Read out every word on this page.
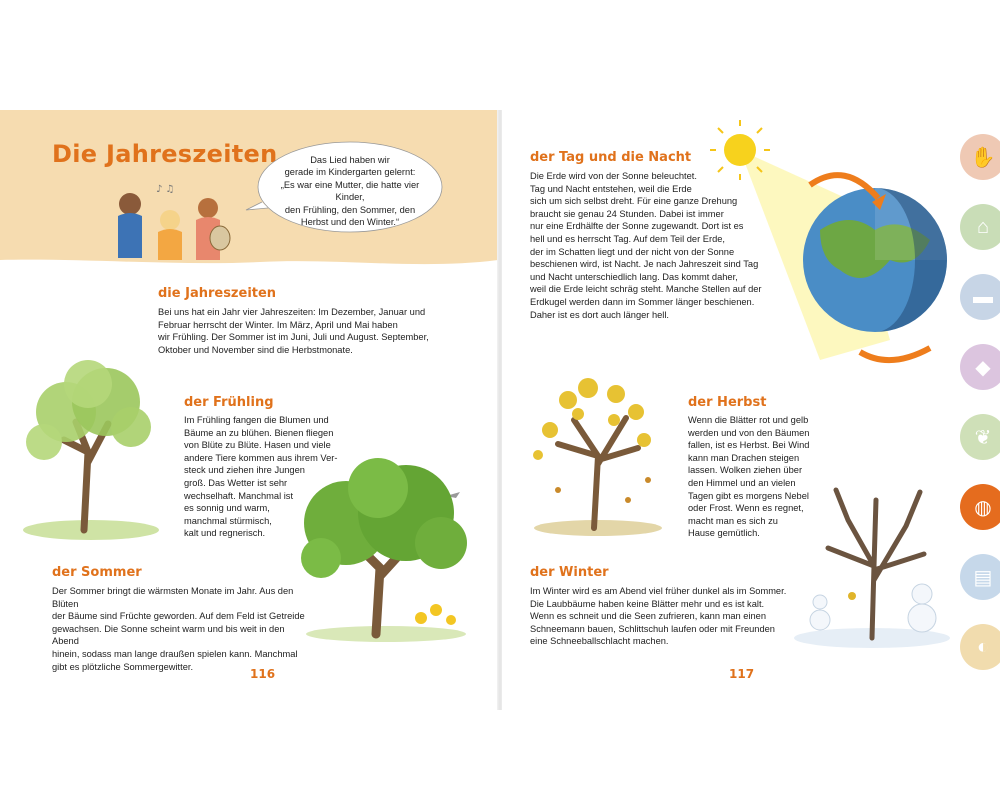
Die Jahreszeiten	Das Lied haben wir
gerade im Kindergarten gelernt:
„Es war eine Mutter, die hatte vier Kinder,
den Frühling, den Sommer, den
Herbst und den Winter.“
♪ ♫
die Jahreszeiten
Bei uns hat ein Jahr vier Jahreszeiten: Im Dezember, Januar und
Februar herrscht der Winter. Im März, April und Mai haben
wir Frühling. Der Sommer ist im Juni, Juli und August. September,
Oktober und November sind die Herbstmonate.
der Frühling
Im Frühling fangen die Blumen und
Bäume an zu blühen. Bienen fliegen
von Blüte zu Blüte. Hasen und viele
andere Tiere kommen aus ihrem Ver-
steck und ziehen ihre Jungen
groß. Das Wetter ist sehr
wechselhaft. Manchmal ist
es sonnig und warm,
manchmal stürmisch,
kalt und regnerisch.
der Sommer
Der Sommer bringt die wärmsten Monate im Jahr. Aus den Blüten
der Bäume sind Früchte geworden. Auf dem Feld ist Getreide
gewachsen. Die Sonne scheint warm und bis weit in den Abend
hinein, sodass man lange draußen spielen kann. Manchmal
gibt es plötzliche Sommergewitter.
116
der Tag und die Nacht
Die Erde wird von der Sonne beleuchtet.
Tag und Nacht entstehen, weil die Erde
sich um sich selbst dreht. Für eine ganze Drehung
braucht sie genau 24 Stunden. Dabei ist immer
nur eine Erdhälfte der Sonne zugewandt. Dort ist es
hell und es herrscht Tag. Auf dem Teil der Erde,
der im Schatten liegt und der nicht von der Sonne
beschienen wird, ist Nacht. Je nach Jahreszeit sind Tag
und Nacht unterschiedlich lang. Das kommt daher,
weil die Erde leicht schräg steht. Manche Stellen auf der
Erdkugel werden dann im Sommer länger beschienen.
Daher ist es dort auch länger hell.
der Herbst
Wenn die Blätter rot und gelb
werden und von den Bäumen
fallen, ist es Herbst. Bei Wind
kann man Drachen steigen
lassen. Wolken ziehen über
den Himmel und an vielen
Tagen gibt es morgens Nebel
oder Frost. Wenn es regnet,
macht man es sich zu
Hause gemütlich.
der Winter
Im Winter wird es am Abend viel früher dunkel als im Sommer.
Die Laubbäume haben keine Blätter mehr und es ist kalt.
Wenn es schneit und die Seen zufrieren, kann man einen
Schneemann bauen, Schlittschuh laufen oder mit Freunden
eine Schneeballschlacht machen.
117
✋
⌂
▬
◆
❦
◍
▤
◐
